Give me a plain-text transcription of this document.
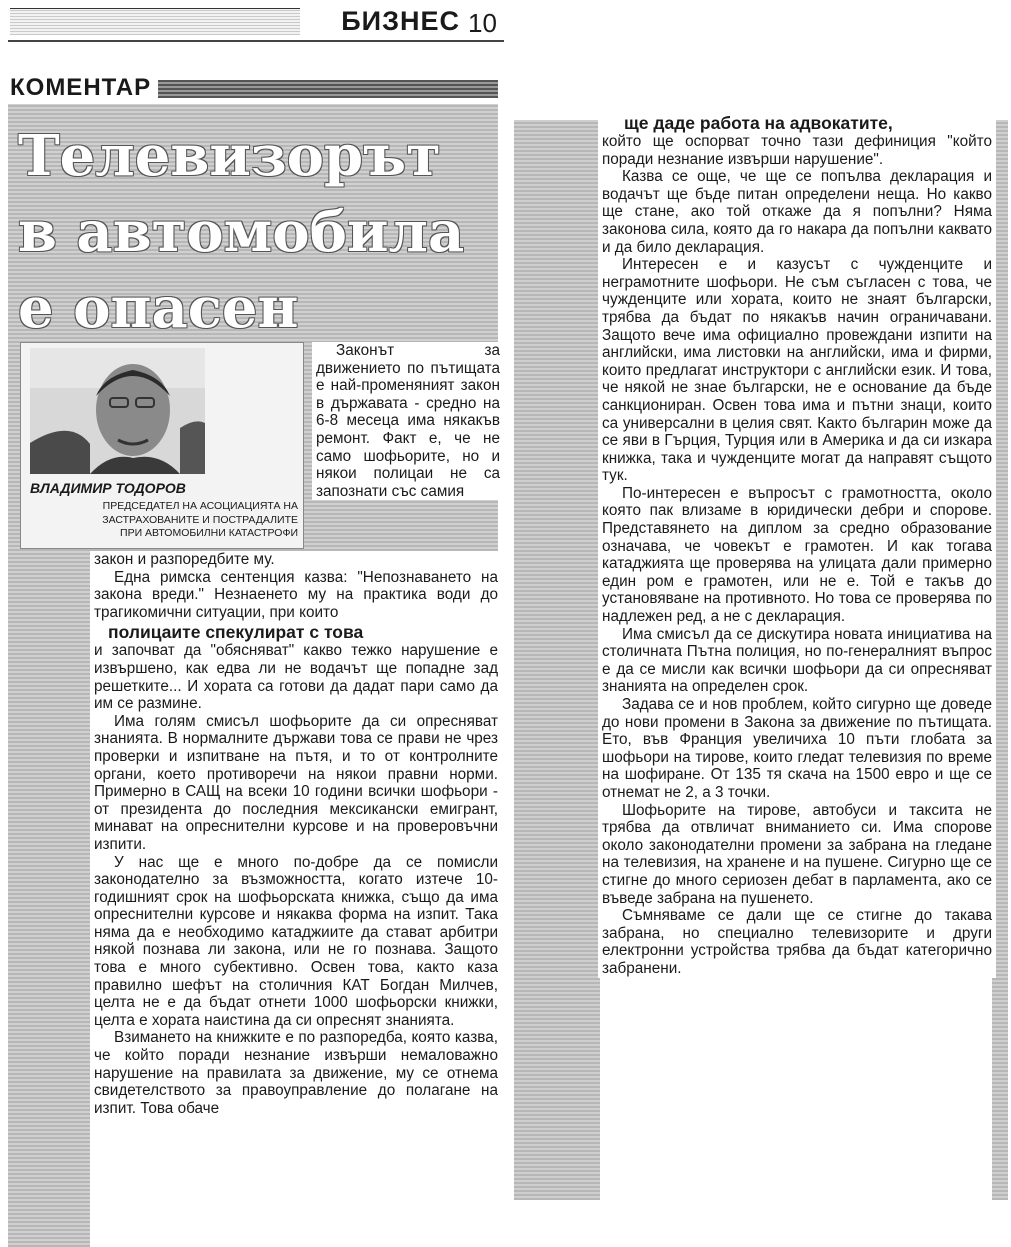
БИЗНЕС 10
КОМЕНТАР
Телевизорът
в автомобила
е опасен
ВЛАДИМИР ТОДОРОВ
ПРЕДСЕДАТЕЛ НА АСОЦИАЦИЯТА НА
ЗАСТРАХОВАНИТЕ И ПОСТРАДАЛИТЕ
ПРИ АВТОМОБИЛНИ КАТАСТРОФИ

Законът за движението по пътищата е най-променяният закон в държавата - средно на 6-8 месеца има някакъв ремонт. Факт е, че не само шофьорите, но и някои полицаи не са запознати със самия

закон и разпоредбите му.

Една римска сентенция казва: "Непознаването на закона вреди." Незнаенето му на практика води до трагикомични ситуации, при които

полицаите спекулират с това

и започват да "обясняват" какво тежко нарушение е извършено, как едва ли не водачът ще попадне зад решетките... И хората са готови да дадат пари само да им се размине.

Има голям смисъл шофьорите да си опресняват знанията. В нормалните държави това се прави не чрез проверки и изпитване на пътя, и то от контролните органи, което противоречи на някои правни норми. Примерно в САЩ на всеки 10 години всички шофьори - от президента до последния мексикански емигрант, минават на опреснителни курсове и на проверовъчни изпити.

У нас ще е много по-добре да се помисли законодателно за възможността, когато изтече 10-годишният срок на шофьорската книжка, също да има опреснителни курсове и някаква форма на изпит. Така няма да е необходимо катаджиите да стават арбитри някой познава ли закона, или не го познава. Защото това е много субективно. Освен това, както каза правилно шефът на столичния КАТ Богдан Милчев, целта не е да бъдат отнети 1000 шофьорски книжки, целта е хората наистина да си опреснят знанията.

Взимането на книжките е по разпоредба, която казва, че който поради незнание извърши немаловажно нарушение на правилата за движение, му се отнема свидетелството за правоуправление до полагане на изпит. Това обаче

ще даде работа на адвокатите,

който ще оспорват точно тази дефиниция "който поради незнание извърши нарушение".

Казва се още, че ще се попълва декларация и водачът ще бъде питан определени неща. Но какво ще стане, ако той откаже да я попълни? Няма законова сила, която да го накара да попълни каквато и да било декларация.

Интересен е и казусът с чужденците и неграмотните шофьори. Не съм съгласен с това, че чужденците или хората, които не знаят български, трябва да бъдат по някакъв начин ограничавани. Защото вече има официално провеждани изпити на английски, има листовки на английски, има и фирми, които предлагат инструктори с английски език. И това, че някой не знае български, не е основание да бъде санкциониран. Освен това има и пътни знаци, които са универсални в целия свят. Както българин може да се яви в Гърция, Турция или в Америка и да си изкара книжка, така и чужденците могат да направят същото тук.

По-интересен е въпросът с грамотността, около която пак влизаме в юридически дебри и спорове. Представянето на диплом за средно образование означава, че човекът е грамотен. И как тогава катаджията ще проверява на улицата дали примерно един ром е грамотен, или не е. Той е такъв до установяване на противното. Но това се проверява по надлежен ред, а не с декларация.

Има смисъл да се дискутира новата инициатива на столичната Пътна полиция, но по-генералният въпрос е да се мисли как всички шофьори да си опресняват знанията на определен срок.

Задава се и нов проблем, който сигурно ще доведе до нови промени в Закона за движение по пътищата. Ето, във Франция увеличиха 10 пъти глобата за шофьори на тирове, които гледат телевизия по време на шофиране. От 135 тя скача на 1500 евро и ще се отнемат не 2, а 3 точки.

Шофьорите на тирове, автобуси и таксита не трябва да отвличат вниманието си. Има спорове около законодателни промени за забрана на гледане на телевизия, на хранене и на пушене. Сигурно ще се стигне до много сериозен дебат в парламента, ако се въведе забрана на пушенето.

Съмняваме се дали ще се стигне до такава забрана, но специално телевизорите и други електронни устройства трябва да бъдат категорично забранени.
